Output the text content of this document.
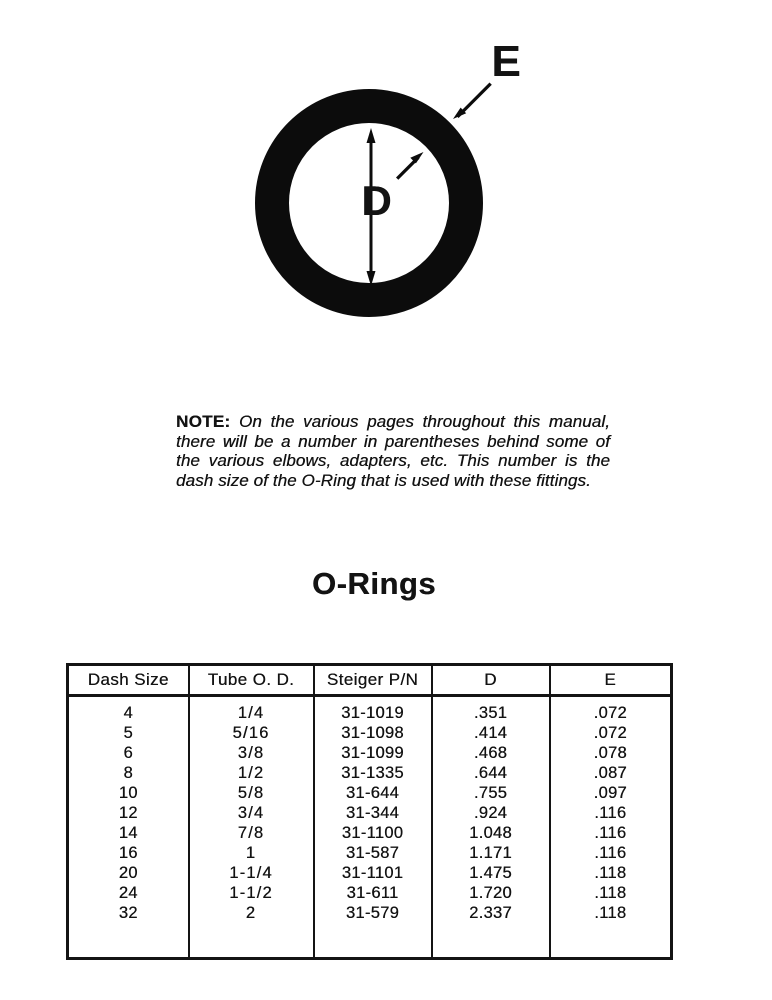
D
E
NOTE: On the various pages throughout this manual,
there will be a number in parentheses behind some of
the various elbows, adapters, etc. This number is the
dash size of the O-Ring that is used with these fittings.
O-Rings
Dash Size	Tube O. D.	Steiger P/N	D	E
4	1/4	31-1019	.351	.072
5	5/16	31-1098	.414	.072
6	3/8	31-1099	.468	.078
8	1/2	31-1335	.644	.087
10	5/8	31-644	.755	.097
12	3/4	31-344	.924	.116
14	7/8	31-1100	1.048	.116
16	1	31-587	1.171	.116
20	1-1/4	31-1101	1.475	.118
24	1-1/2	31-611	1.720	.118
32	2	31-579	2.337	.118
